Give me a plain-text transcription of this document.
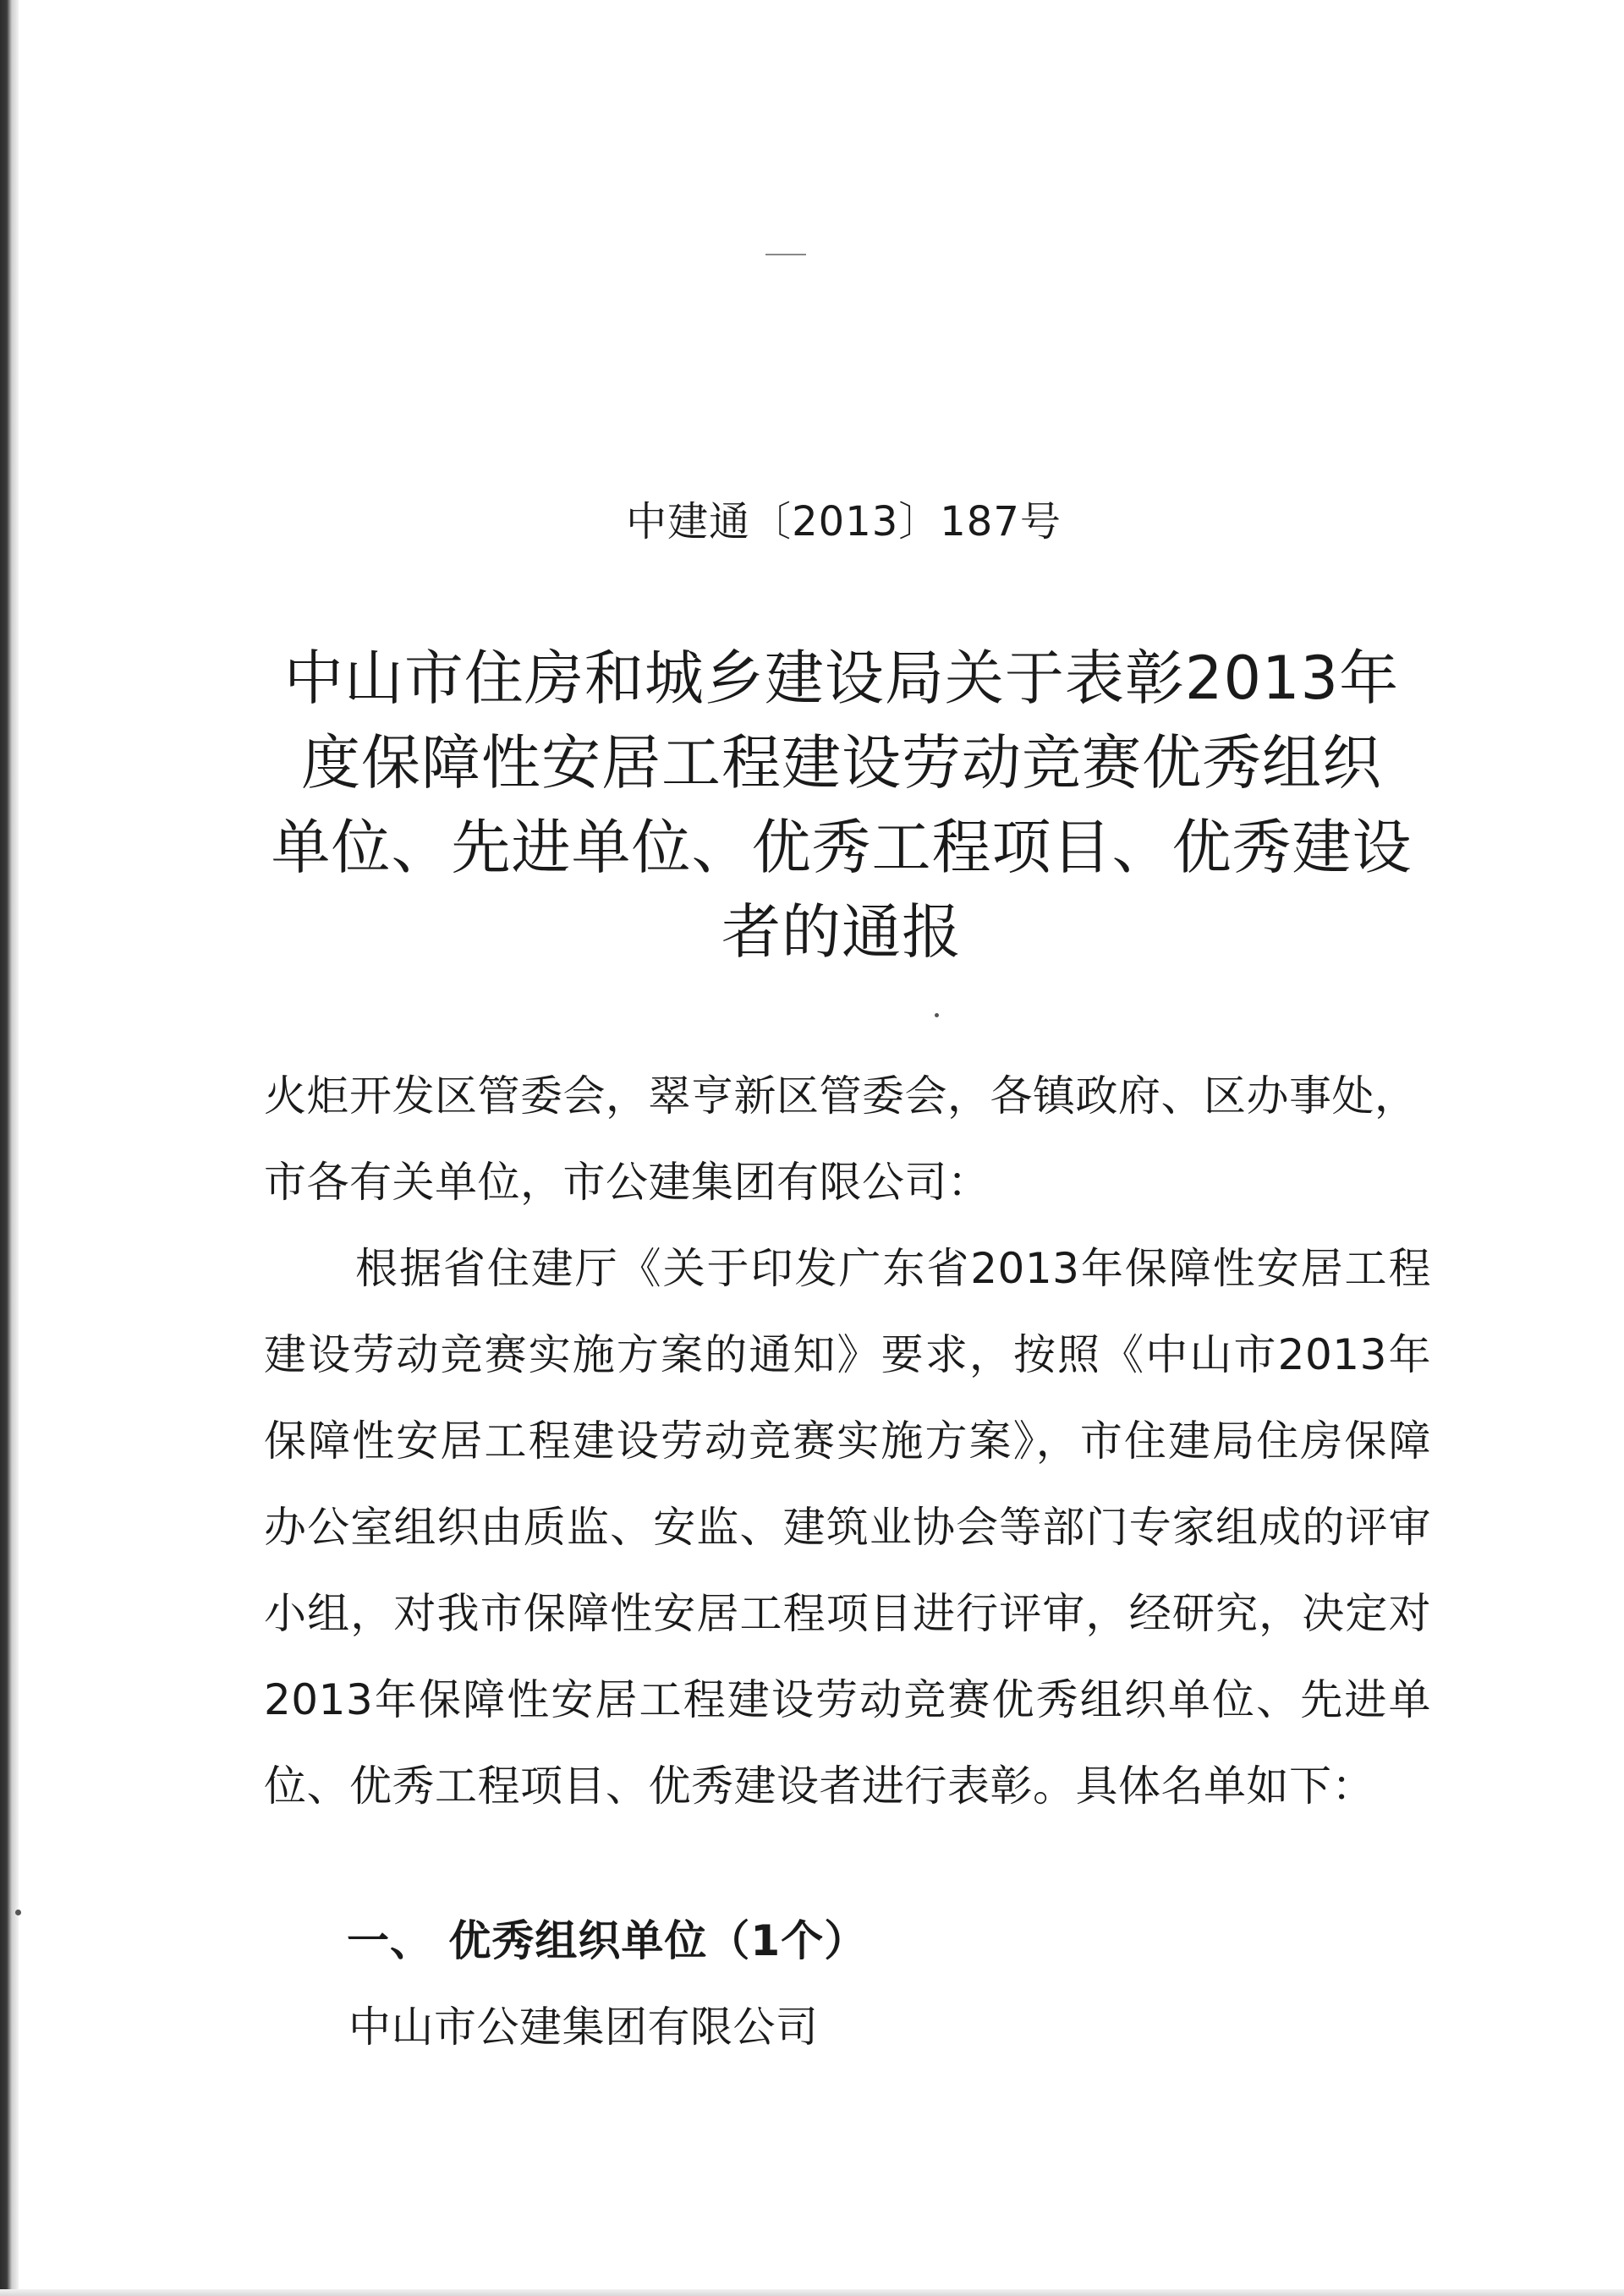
中建通〔2013〕187号
中山市住房和城乡建设局关于表彰2013年
度保障性安居工程建设劳动竞赛优秀组织
单位、先进单位、优秀工程项目、优秀建设
者的通报
火炬开发区管委会，翠亨新区管委会，各镇政府、区办事处，市各有关单位，市公建集团有限公司：
根据省住建厅《关于印发广东省2013年保障性安居工程建设劳动竞赛实施方案的通知》要求，按照《中山市2013年保障性安居工程建设劳动竞赛实施方案》，市住建局住房保障办公室组织由质监、安监、建筑业协会等部门专家组成的评审小组，对我市保障性安居工程项目进行评审，经研究，决定对2013年保障性安居工程建设劳动竞赛优秀组织单位、先进单位、优秀工程项目、优秀建设者进行表彰。具体名单如下：
一、 优秀组织单位（1个）
中山市公建集团有限公司
